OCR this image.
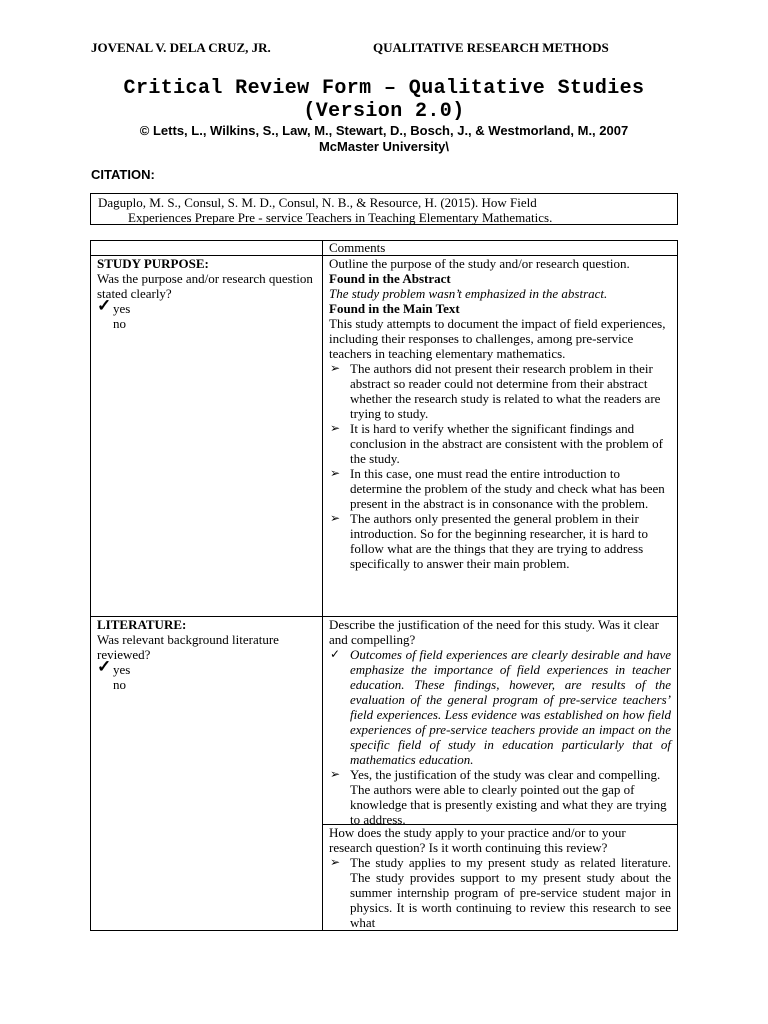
JOVENAL V. DELA CRUZ, JR.	QUALITATIVE RESEARCH METHODS
Critical Review Form – Qualitative Studies
(Version 2.0)
© Letts, L., Wilkins, S., Law, M., Stewart, D., Bosch, J., & Westmorland, M., 2007
McMaster University\
CITATION:
Daguplo, M. S., Consul, S. M. D., Consul, N. B., & Resource, H. (2015). How Field
Experiences Prepare Pre - service Teachers in Teaching Elementary Mathematics.
Comments

STUDY PURPOSE:

Was the purpose and/or research question stated clearly?

✓ yes

no

Outline the purpose of the study and/or research question.

Found in the Abstract

The study problem wasn’t emphasized in the abstract.

Found in the Main Text

This study attempts to document the impact of field experiences, including their responses to challenges, among pre-service teachers in teaching elementary mathematics.

➢ The authors did not present their research problem in their abstract so reader could not determine from their abstract whether the research study is related to what the readers are trying to study.
➢ It is hard to verify whether the significant findings and conclusion in the abstract are consistent with the problem of the study.
➢ In this case, one must read the entire introduction to determine the problem of the study and check what has been present in the abstract is in consonance with the problem.
➢ The authors only presented the general problem in their introduction. So for the beginning researcher, it is hard to follow what are the things that they are trying to address specifically to answer their main problem.

LITERATURE:

Was relevant background literature reviewed?

✓ yes

no

Describe the justification of the need for this study. Was it clear and compelling?

✓ Outcomes of field experiences are clearly desirable and have emphasize the importance of field experiences in teacher education. These findings, however, are results of the evaluation of the general program of pre-service teachers’ field experiences. Less evidence was established on how field experiences of pre-service teachers provide an impact on the specific field of study in education particularly that of mathematics education.
➢ Yes, the justification of the study was clear and compelling. The authors were able to clearly pointed out the gap of knowledge that is presently existing and what they are trying to address.

How does the study apply to your practice and/or to your research question? Is it worth continuing this review?

➢ The study applies to my present study as related literature. The study provides support to my present study about the summer internship program of pre-service student major in physics. It is worth continuing to review this research to see what
